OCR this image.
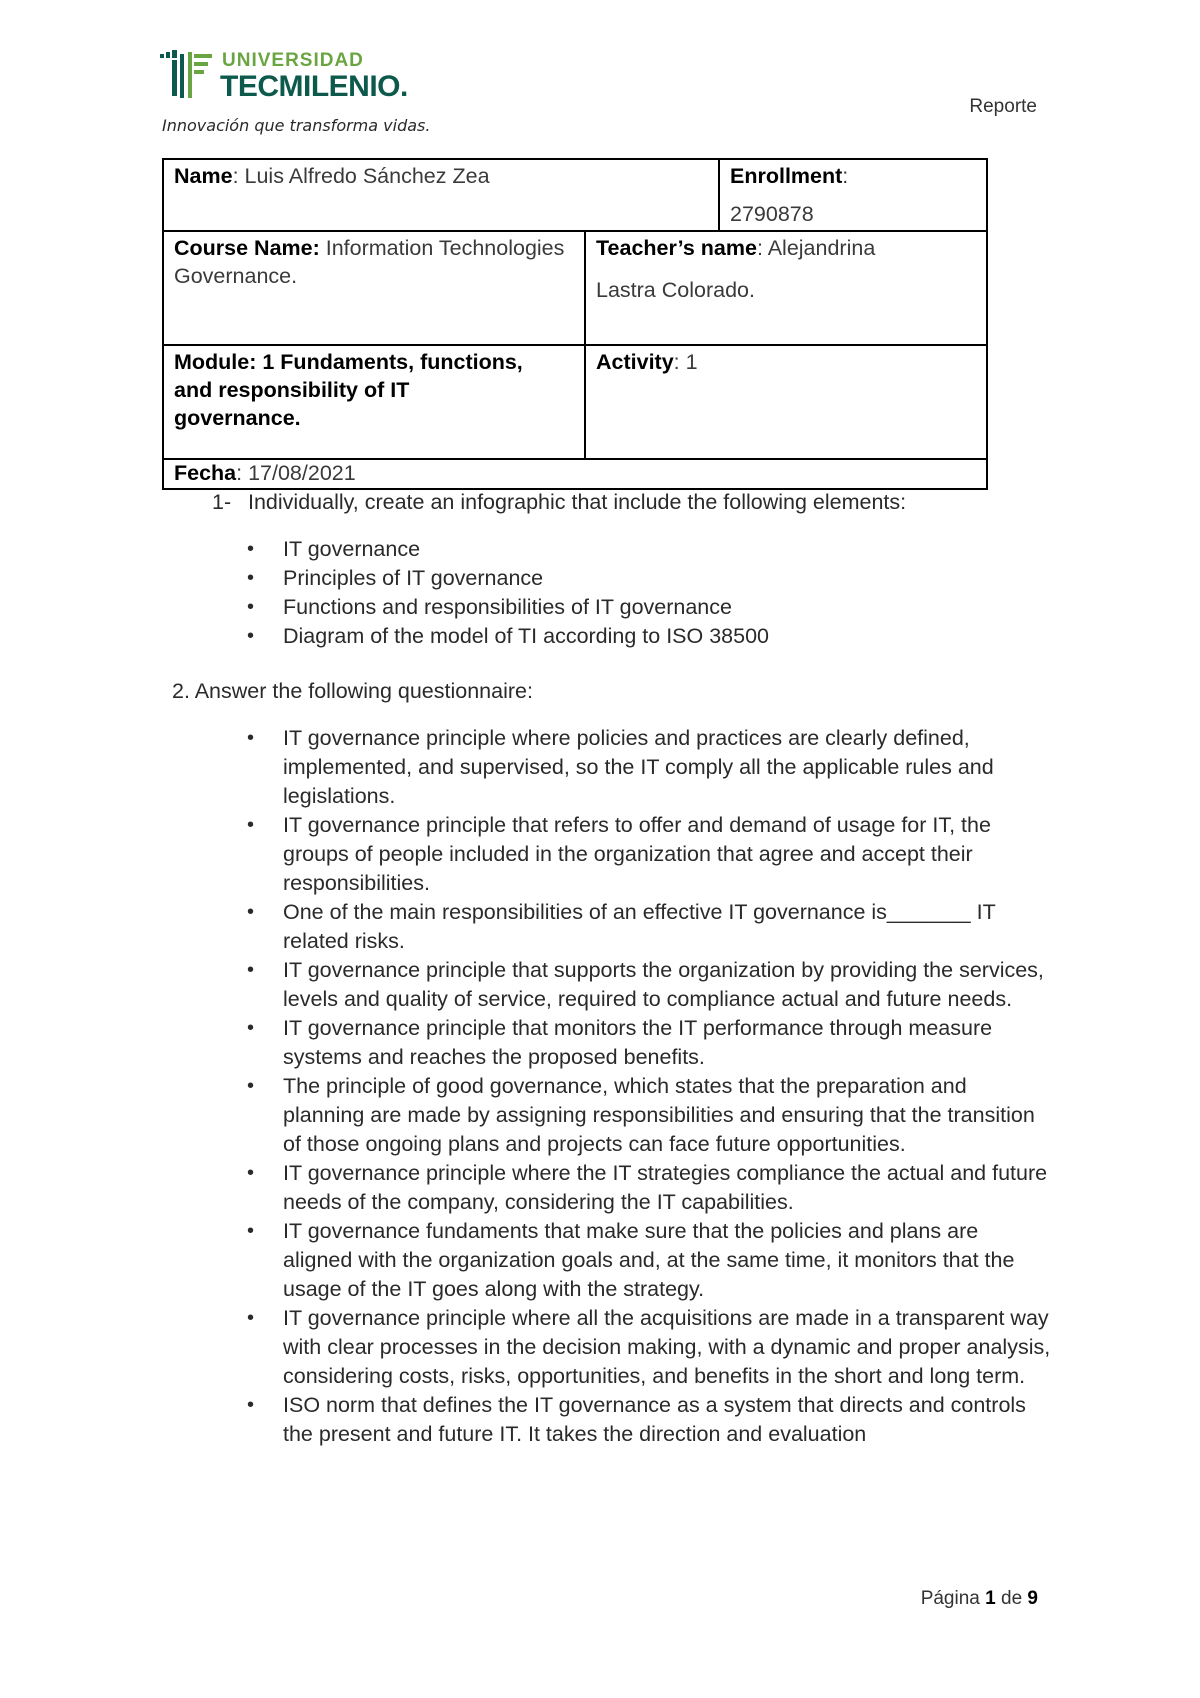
UNIVERSIDAD
TECMILENIO.
Innovación que transforma vidas.
Reporte
Name: Luis Alfredo Sánchez Zea		Enrollment:
2790878

Course Name: Information Technologies Governance.	Teacher’s name: Alejandrina
Lastra Colorado.	

Module: 1 Fundaments, functions,
and responsibility of IT
governance.	Activity: 1	
Fecha: 17/08/2021		

1- Individually, create an infographic that include the following elements:

• IT governance
• Principles of IT governance
• Functions and responsibilities of IT governance
• Diagram of the model of TI according to ISO 38500

2. Answer the following questionnaire:

• IT governance principle where policies and practices are clearly defined, implemented, and supervised, so the IT comply all the applicable rules and legislations.
• IT governance principle that refers to offer and demand of usage for IT, the groups of people included in the organization that agree and accept their responsibilities.
• One of the main responsibilities of an effective IT governance is_______ IT related risks.
• IT governance principle that supports the organization by providing the services, levels and quality of service, required to compliance actual and future needs.
• IT governance principle that monitors the IT performance through measure systems and reaches the proposed benefits.
• The principle of good governance, which states that the preparation and planning are made by assigning responsibilities and ensuring that the transition of those ongoing plans and projects can face future opportunities.
• IT governance principle where the IT strategies compliance the actual and future needs of the company, considering the IT capabilities.
• IT governance fundaments that make sure that the policies and plans are aligned with the organization goals and, at the same time, it monitors that the usage of the IT goes along with the strategy.
• IT governance principle where all the acquisitions are made in a transparent way with clear processes in the decision making, with a dynamic and proper analysis, considering costs, risks, opportunities, and benefits in the short and long term.
• ISO norm that defines the IT governance as a system that directs and controls the present and future IT. It takes the direction and evaluation
Página 1 de 9
